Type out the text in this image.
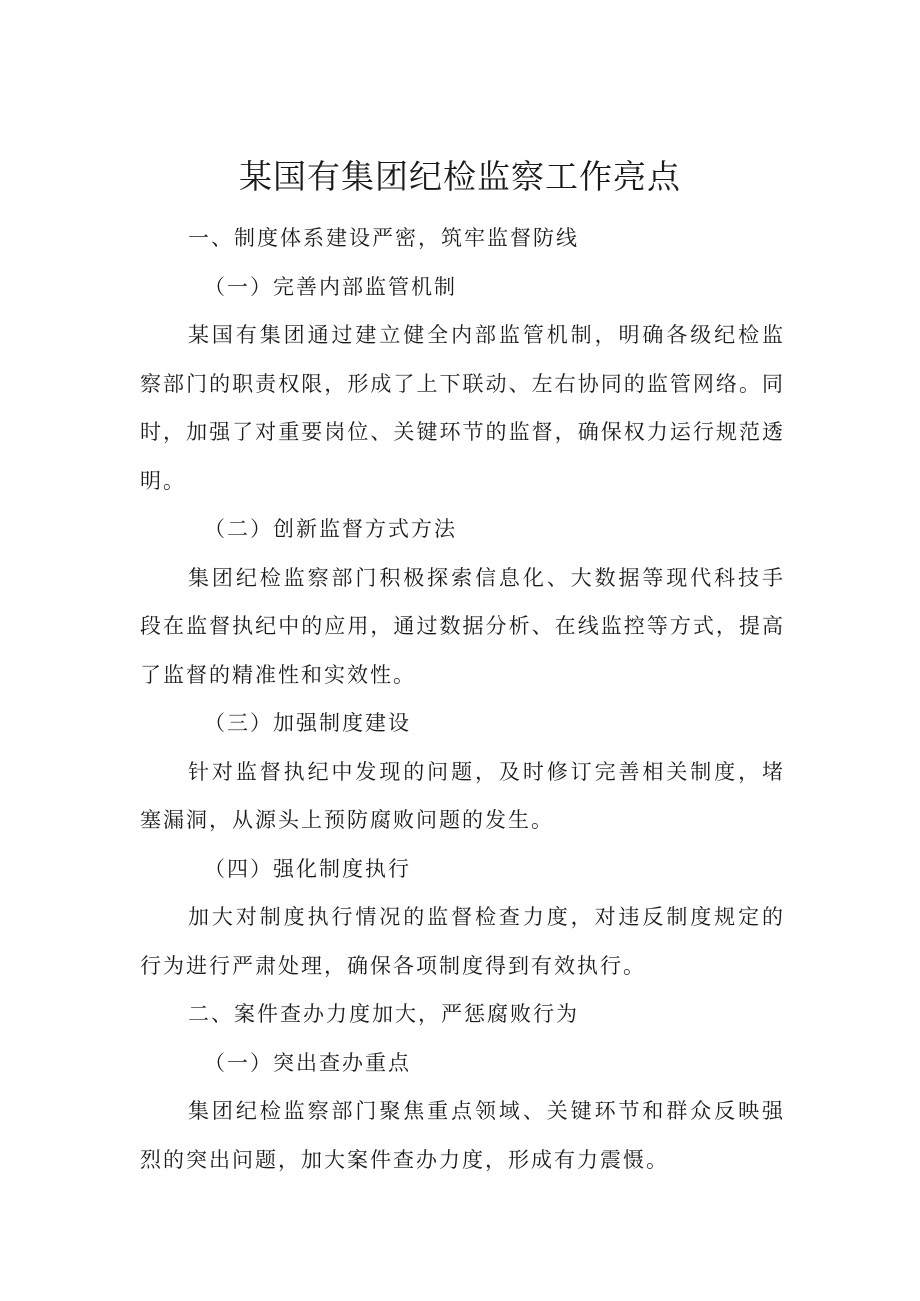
某国有集团纪检监察工作亮点

一、制度体系建设严密，筑牢监督防线

（一）完善内部监管机制

某国有集团通过建立健全内部监管机制，明确各级纪检监察部门的职责权限，形成了上下联动、左右协同的监管网络。同时，加强了对重要岗位、关键环节的监督，确保权力运行规范透明。

（二）创新监督方式方法

集团纪检监察部门积极探索信息化、大数据等现代科技手段在监督执纪中的应用，通过数据分析、在线监控等方式，提高了监督的精准性和实效性。

（三）加强制度建设

针对监督执纪中发现的问题，及时修订完善相关制度，堵塞漏洞，从源头上预防腐败问题的发生。

（四）强化制度执行

加大对制度执行情况的监督检查力度，对违反制度规定的行为进行严肃处理，确保各项制度得到有效执行。

二、案件查办力度加大，严惩腐败行为

（一）突出查办重点

集团纪检监察部门聚焦重点领域、关键环节和群众反映强烈的突出问题，加大案件查办力度，形成有力震慑。
